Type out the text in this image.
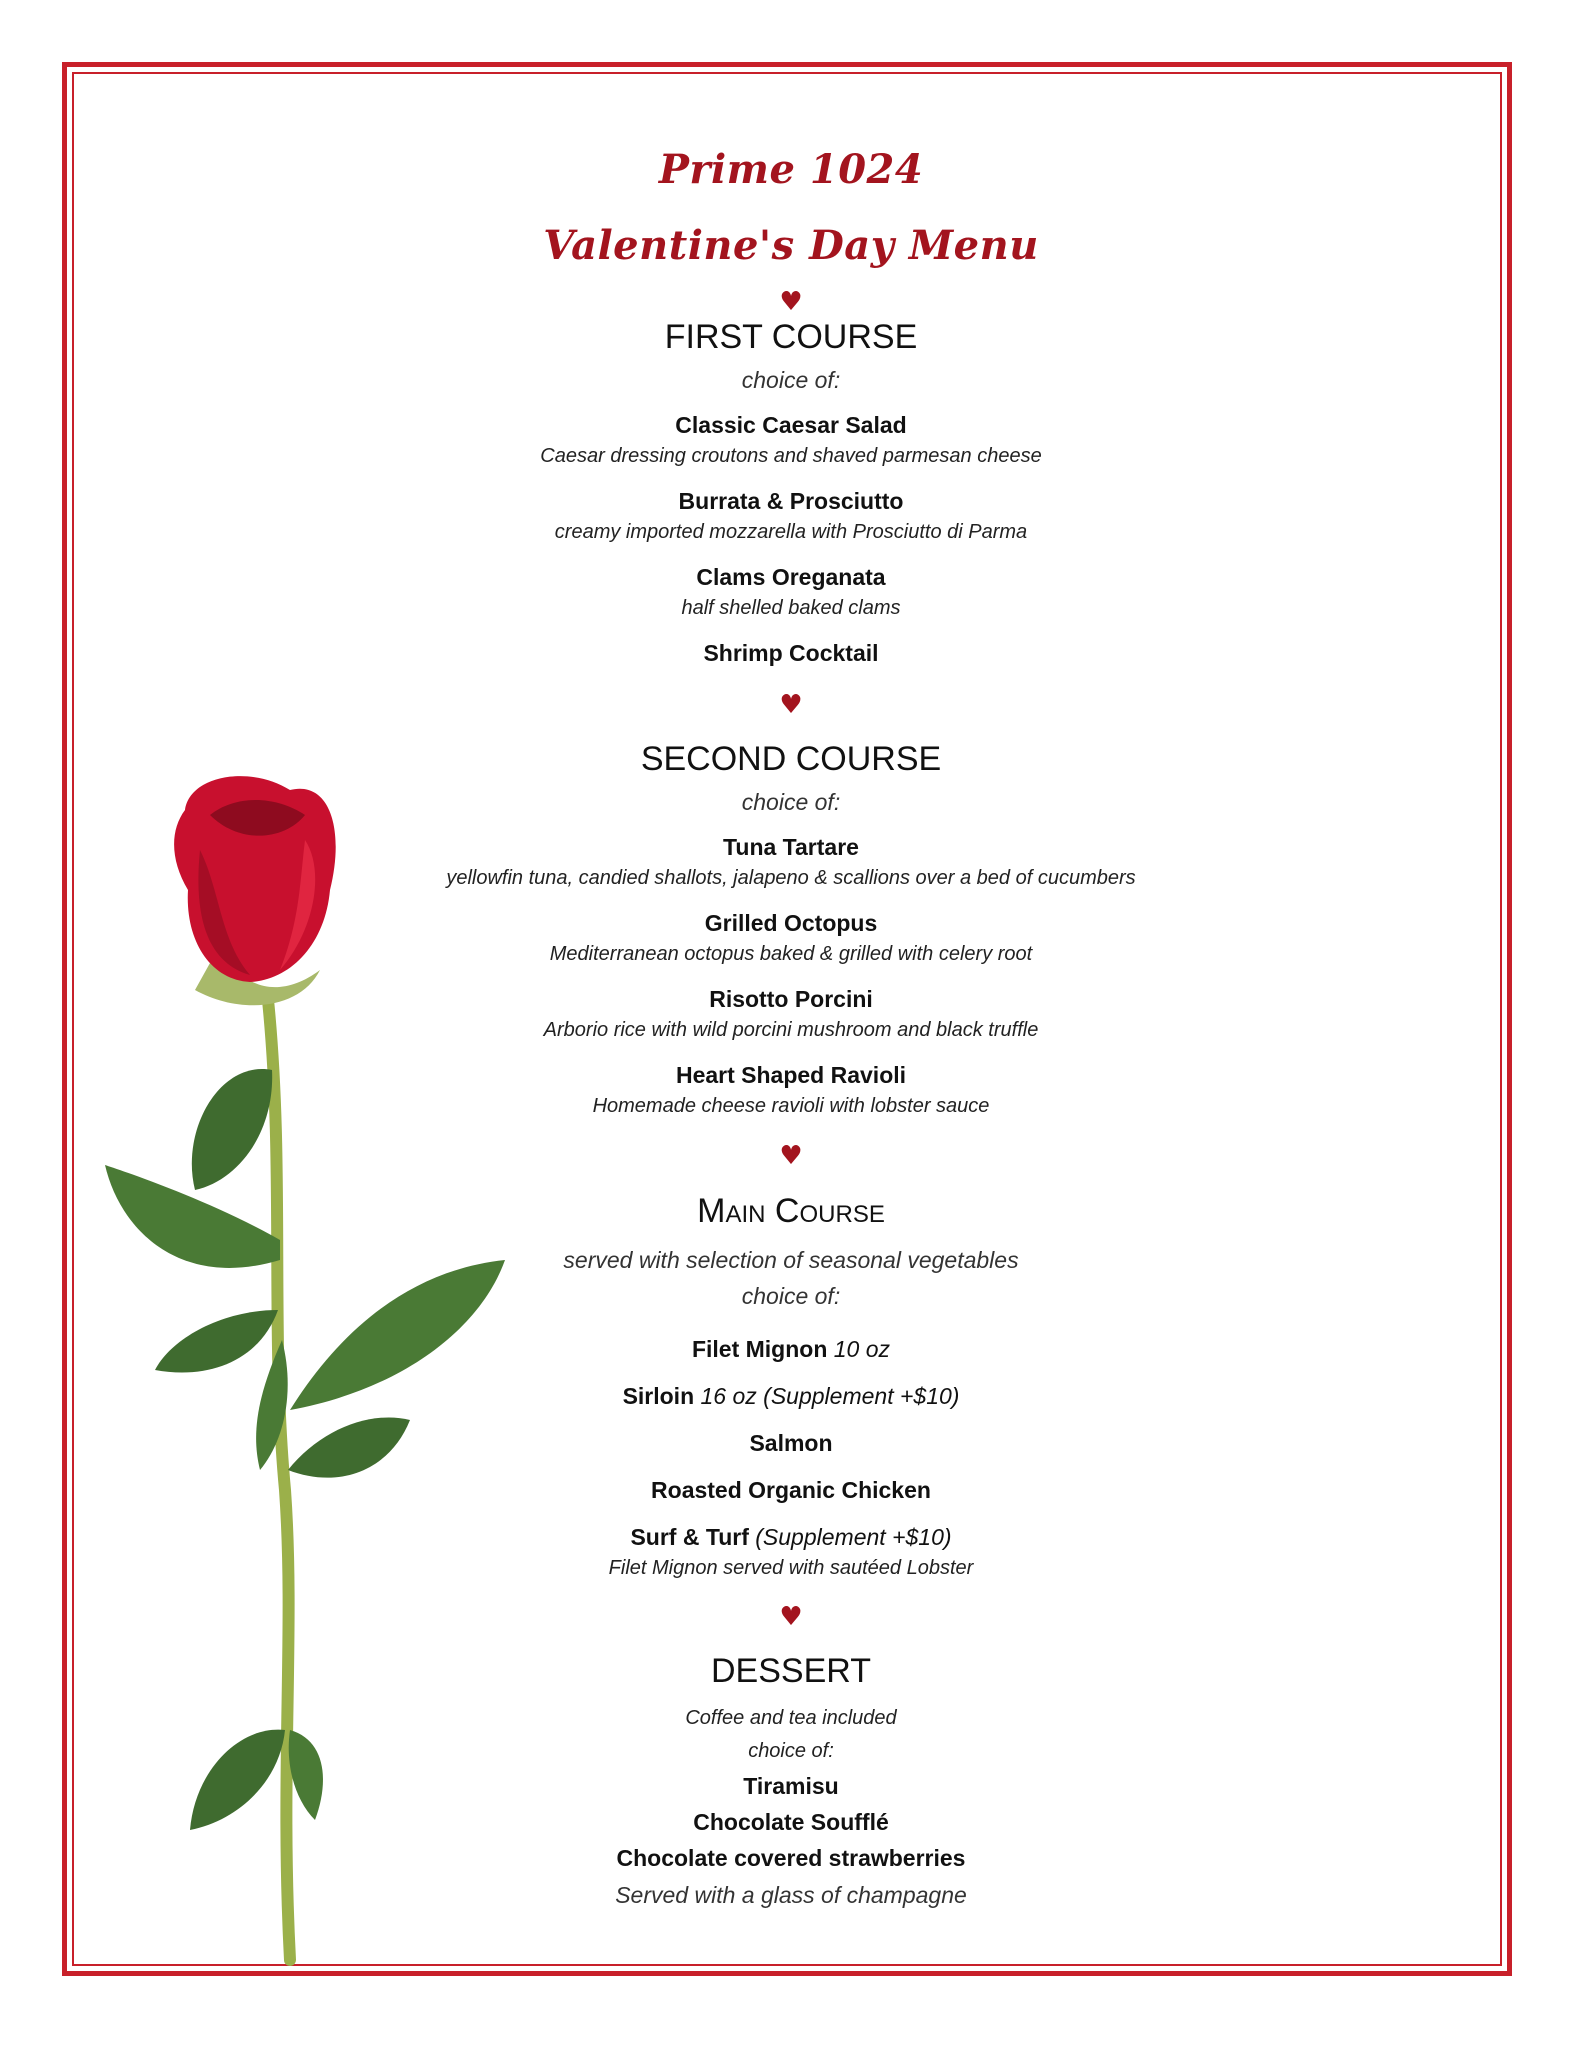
Prime 1024
Valentine's Day Menu
♥
FIRST COURSE
choice of:
Classic Caesar Salad
Caesar dressing croutons and shaved parmesan cheese
Burrata & Prosciutto
creamy imported mozzarella with Prosciutto di Parma
Clams Oreganata
half shelled baked clams
Shrimp Cocktail
♥
SECOND COURSE
choice of:
Tuna Tartare
yellowfin tuna, candied shallots, jalapeno & scallions over a bed of cucumbers
Grilled Octopus
Mediterranean octopus baked & grilled with celery root
Risotto Porcini
Arborio rice with wild porcini mushroom and black truffle
Heart Shaped Ravioli
Homemade cheese ravioli with lobster sauce
♥
Main Course
served with selection of seasonal vegetables
choice of:
Filet Mignon 10 oz
Sirloin 16 oz (Supplement +$10)
Salmon
Roasted Organic Chicken
Surf & Turf (Supplement +$10)
Filet Mignon served with sautéed Lobster
♥
DESSERT
Coffee and tea included
choice of:
Tiramisu
Chocolate Soufflé
Chocolate covered strawberries
Served with a glass of champagne
